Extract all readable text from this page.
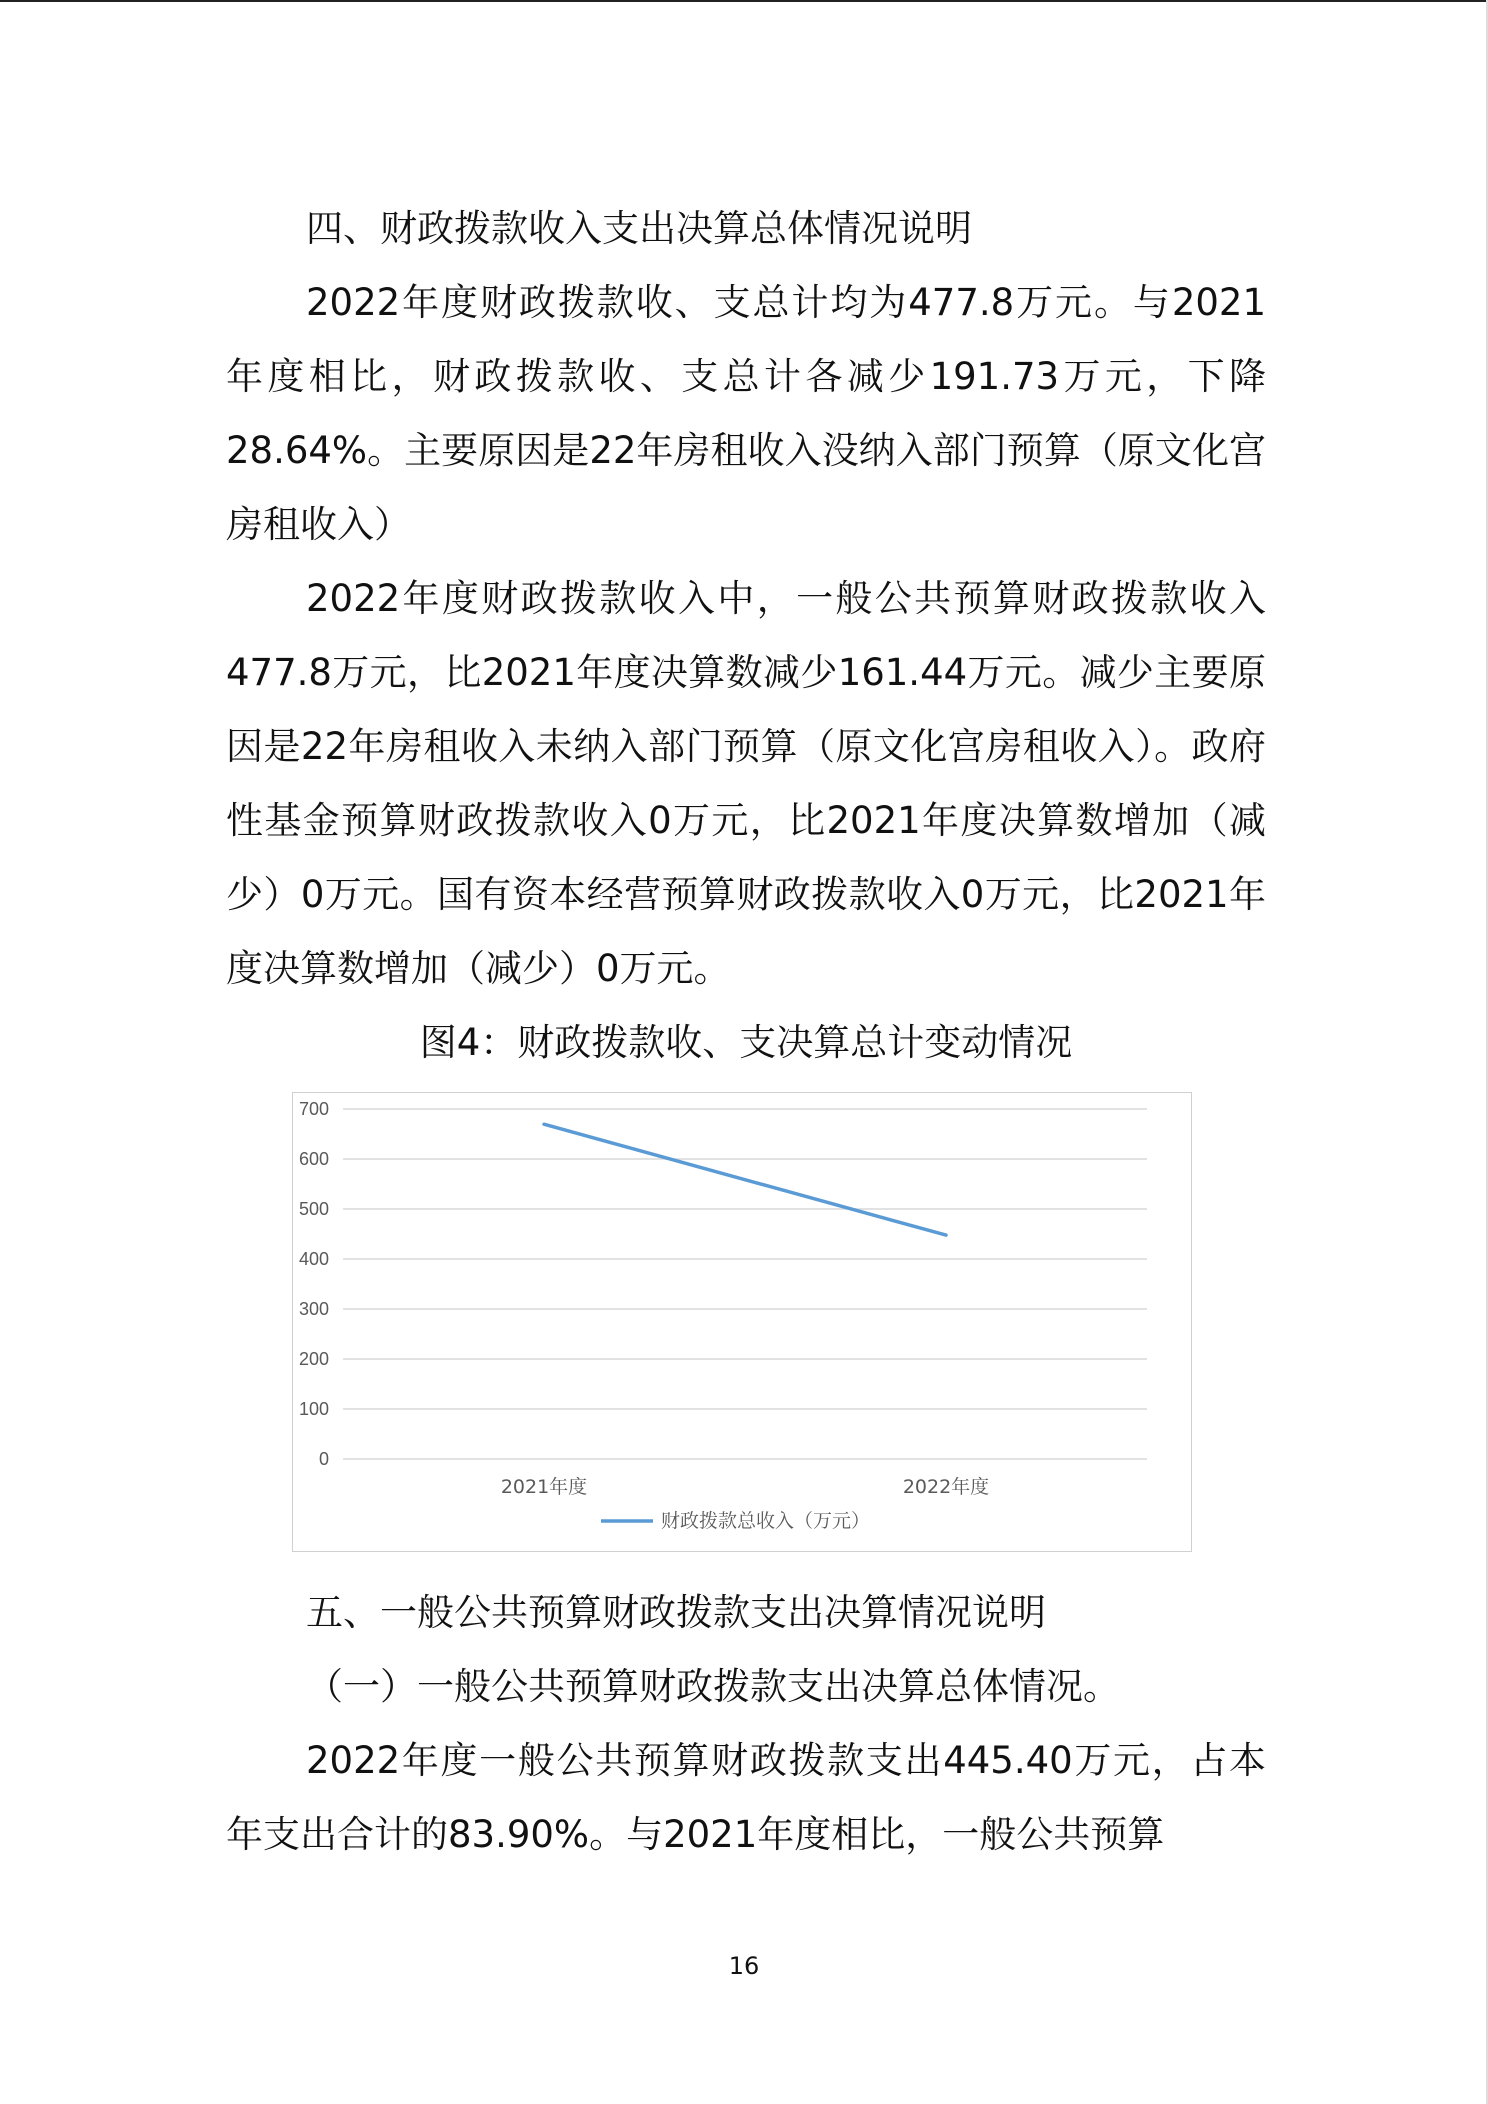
四、财政拨款收入支出决算总体情况说明

2022年度财政拨款收、支总计均为477.8万元。与2021年度相比，财政拨款收、支总计各减少191.73万元，下降28.64%。主要原因是22年房租收入没纳入部门预算（原文化宫房租收入）

2022年度财政拨款收入中，一般公共预算财政拨款收入477.8万元，比2021年度决算数减少161.44万元。减少主要原因是22年房租收入未纳入部门预算（原文化宫房租收入）。政府性基金预算财政拨款收入0万元，比2021年度决算数增加（减少）0万元。国有资本经营预算财政拨款收入0万元，比2021年度决算数增加（减少）0万元。

图4：财政拨款收、支决算总计变动情况

0
100
200
300
400
500
600
700
2021年度	2022年度
财政拨款总收入（万元）

五、一般公共预算财政拨款支出决算情况说明

（一）一般公共预算财政拨款支出决算总体情况。

2022年度一般公共预算财政拨款支出445.40万元，占本年支出合计的83.90%。与2021年度相比，一般公共预算

16
